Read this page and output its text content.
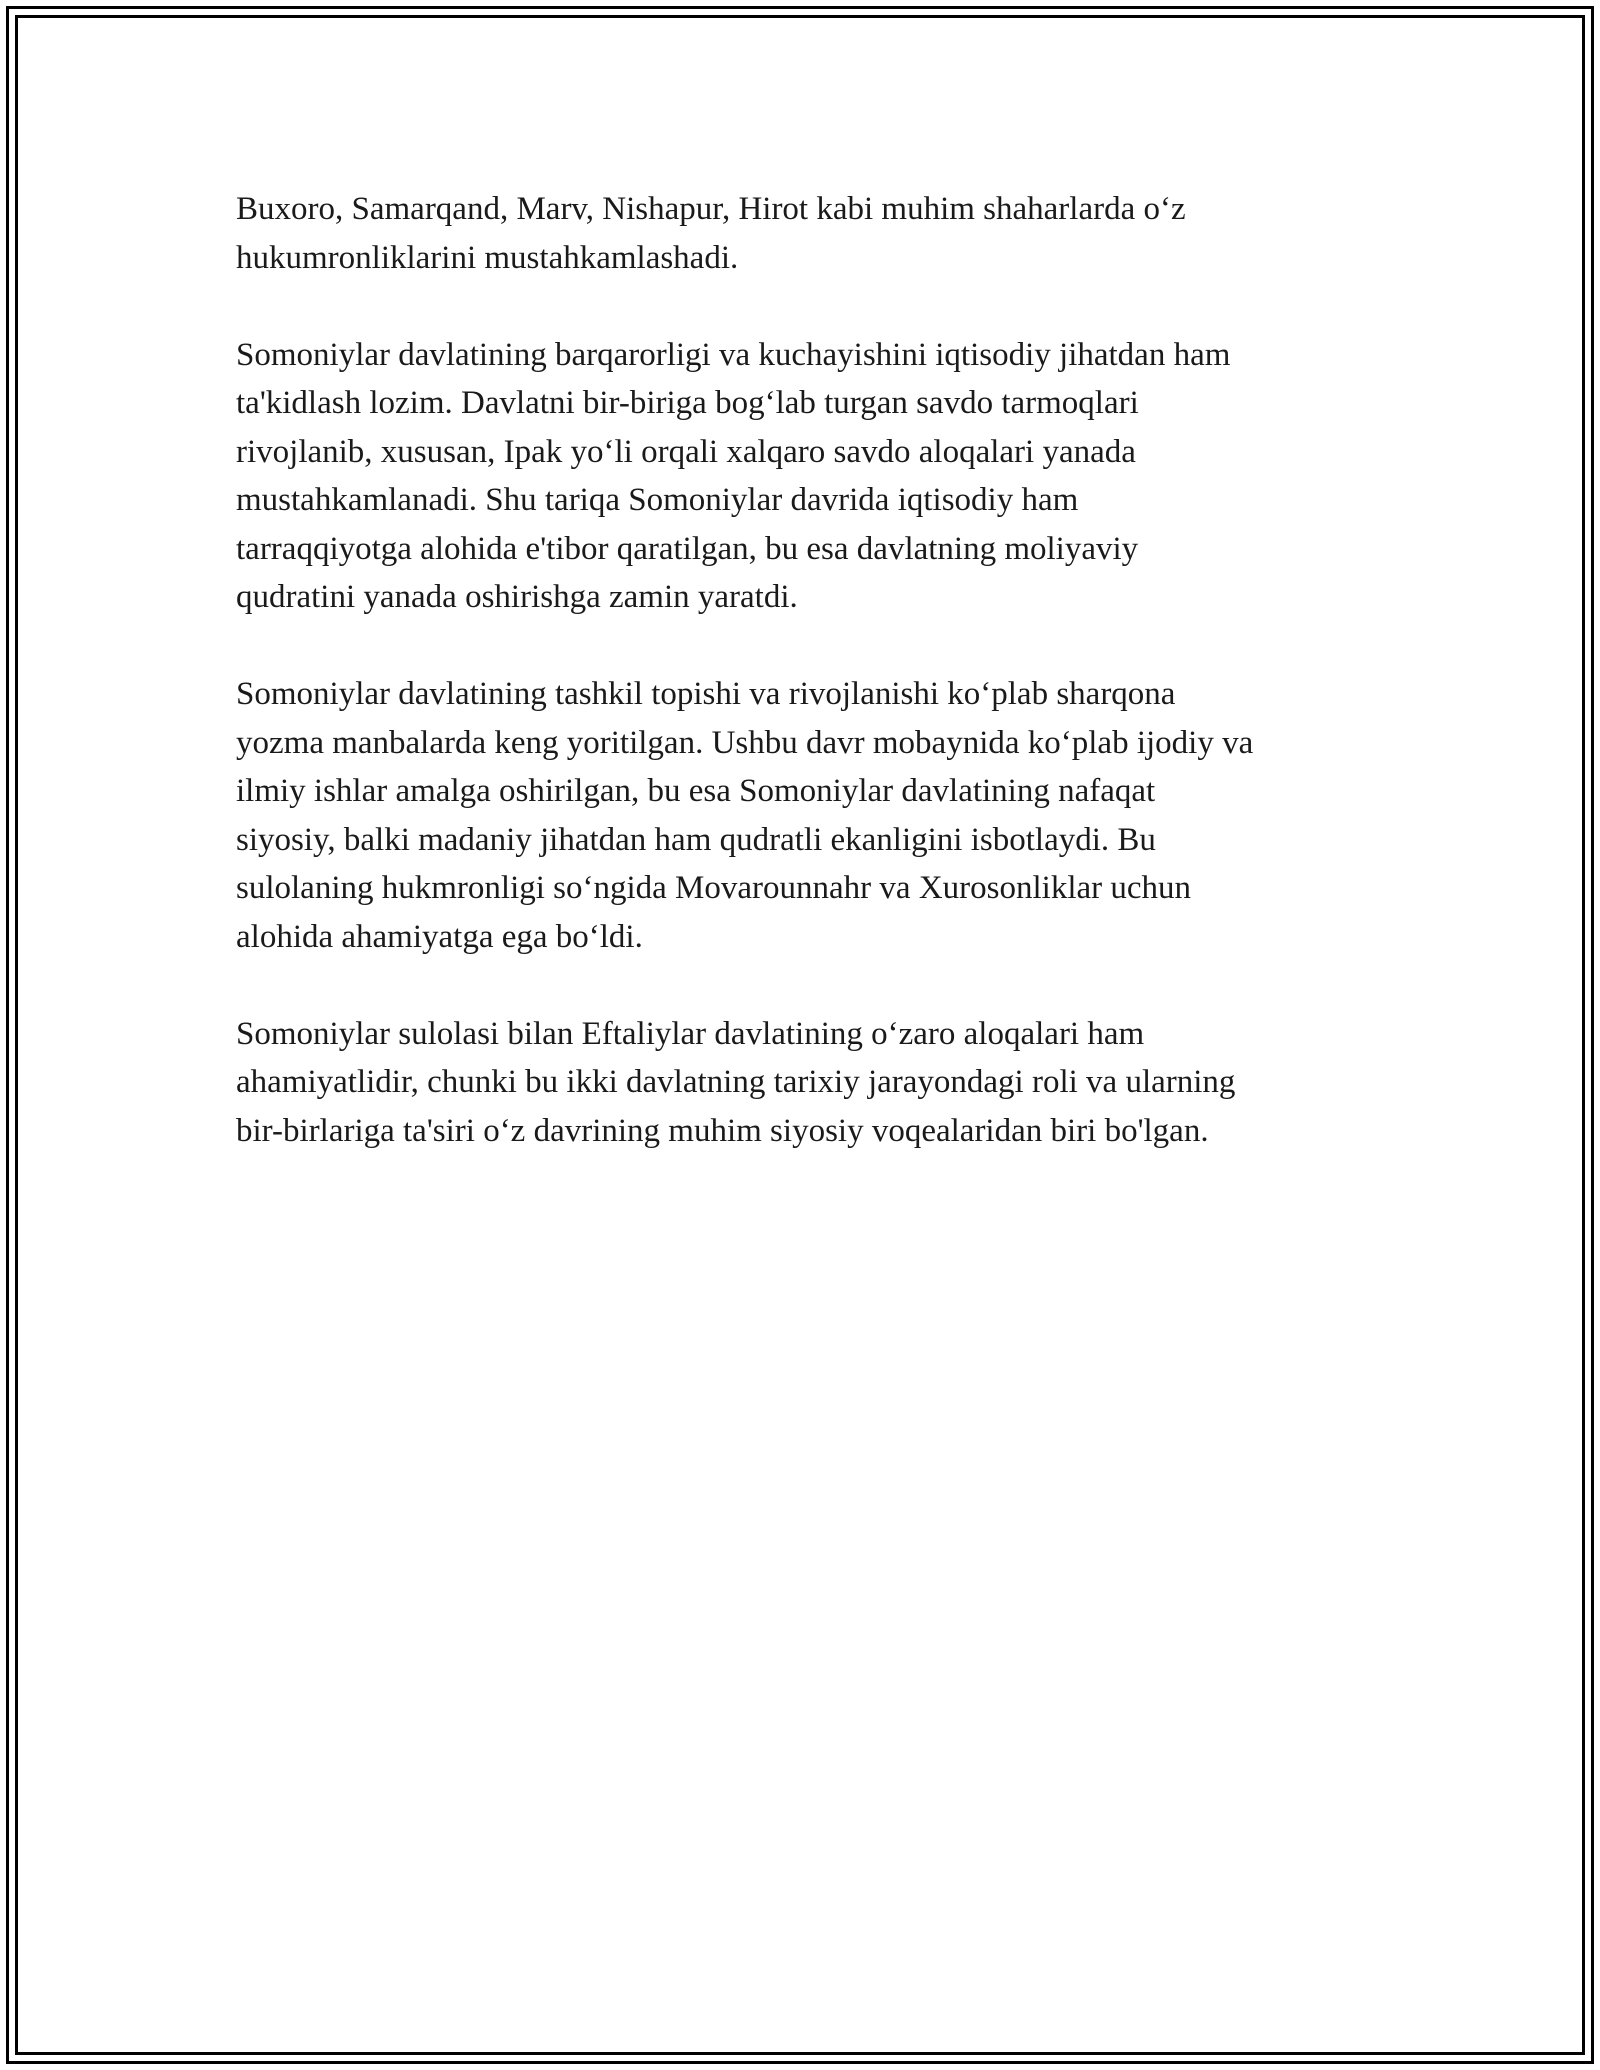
Buxoro, Samarqand, Marv, Nishapur, Hirot kabi muhim shaharlarda o‘z
hukumronliklarini mustahkamlashadi.

Somoniylar davlatining barqarorligi va kuchayishini iqtisodiy jihatdan ham
ta'kidlash lozim. Davlatni bir-biriga bog‘lab turgan savdo tarmoqlari
rivojlanib, xususan, Ipak yo‘li orqali xalqaro savdo aloqalari yanada
mustahkamlanadi. Shu tariqa Somoniylar davrida iqtisodiy ham
tarraqqiyotga alohida e'tibor qaratilgan, bu esa davlatning moliyaviy
qudratini yanada oshirishga zamin yaratdi.

Somoniylar davlatining tashkil topishi va rivojlanishi ko‘plab sharqona
yozma manbalarda keng yoritilgan. Ushbu davr mobaynida ko‘plab ijodiy va
ilmiy ishlar amalga oshirilgan, bu esa Somoniylar davlatining nafaqat
siyosiy, balki madaniy jihatdan ham qudratli ekanligini isbotlaydi. Bu
sulolaning hukmronligi so‘ngida Movarounnahr va Xurosonliklar uchun
alohida ahamiyatga ega bo‘ldi.

Somoniylar sulolasi bilan Eftaliylar davlatining o‘zaro aloqalari ham
ahamiyatlidir, chunki bu ikki davlatning tarixiy jarayondagi roli va ularning
bir-birlariga ta'siri o‘z davrining muhim siyosiy voqealaridan biri bo'lgan.
